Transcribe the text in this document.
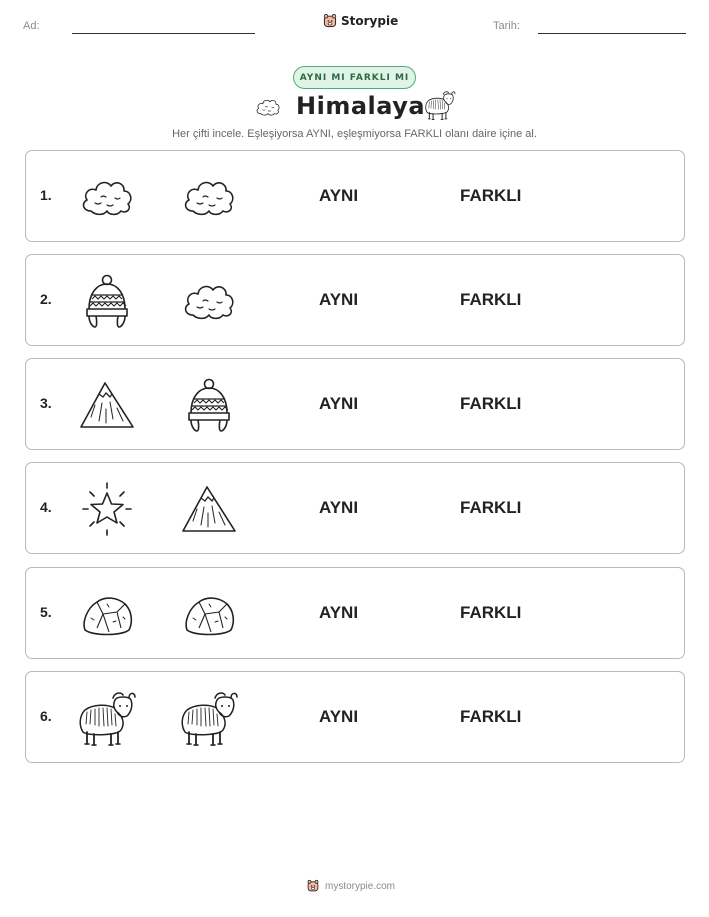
Ad:	Storypie	Tarih:
AYNI MI FARKLI MI
Himalaya
Her çifti incele. Eşleşiyorsa AYNI, eşleşmiyorsa FARKLI olanı daire içine al.
1.	AYNI	FARKLI
2.	AYNI	FARKLI
3.	AYNI	FARKLI
4.	AYNI	FARKLI
5.	AYNI	FARKLI
6.	AYNI	FARKLI
mystorypie.com
